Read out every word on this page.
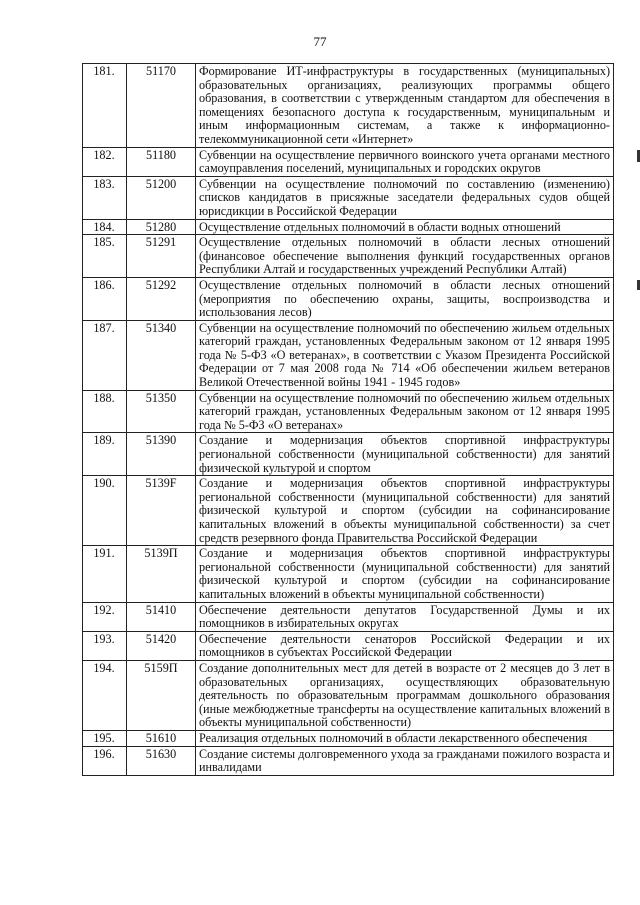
77
181.	51170	Формирование ИТ-инфраструктуры в государственных (муниципальных) образовательных организациях, реализующих программы общего образования, в соответствии с утвержденным стандартом для обеспечения в помещениях безопасного доступа к государственным, муниципальным и иным информационным системам, а также к информационно-телекоммуникационной сети «Интернет»
182.	51180	Субвенции на осуществление первичного воинского учета органами местного самоуправления поселений, муниципальных и городских округов
183.	51200	Субвенции на осуществление полномочий по составлению (изменению) списков кандидатов в присяжные заседатели федеральных судов общей юрисдикции в Российской Федерации
184.	51280	Осуществление отдельных полномочий в области водных отношений
185.	51291	Осуществление отдельных полномочий в области лесных отношений (финансовое обеспечение выполнения функций государственных органов Республики Алтай и государственных учреждений Республики Алтай)
186.	51292	Осуществление отдельных полномочий в области лесных отношений (мероприятия по обеспечению охраны, защиты, воспроизводства и использования лесов)
187.	51340	Субвенции на осуществление полномочий по обеспечению жильем отдельных категорий граждан, установленных Федеральным законом от 12 января 1995 года № 5-ФЗ «О ветеранах», в соответствии с Указом Президента Российской Федерации от 7 мая 2008 года № 714 «Об обеспечении жильем ветеранов Великой Отечественной войны 1941 - 1945 годов»
188.	51350	Субвенции на осуществление полномочий по обеспечению жильем отдельных категорий граждан, установленных Федеральным законом от 12 января 1995 года № 5-ФЗ «О ветеранах»
189.	51390	Создание и модернизация объектов спортивной инфраструктуры региональной собственности (муниципальной собственности) для занятий физической культурой и спортом
190.	5139F	Создание и модернизация объектов спортивной инфраструктуры региональной собственности (муниципальной собственности) для занятий физической культурой и спортом (субсидии на софинансирование капитальных вложений в объекты муниципальной собственности) за счет средств резервного фонда Правительства Российской Федерации
191.	5139П	Создание и модернизация объектов спортивной инфраструктуры региональной собственности (муниципальной собственности) для занятий физической культурой и спортом (субсидии на софинансирование капитальных вложений в объекты муниципальной собственности)
192.	51410	Обеспечение деятельности депутатов Государственной Думы и их помощников в избирательных округах
193.	51420	Обеспечение деятельности сенаторов Российской Федерации и их помощников в субъектах Российской Федерации
194.	5159П	Создание дополнительных мест для детей в возрасте от 2 месяцев до 3 лет в образовательных организациях, осуществляющих образовательную деятельность по образовательным программам дошкольного образования (иные межбюджетные трансферты на осуществление капитальных вложений в объекты муниципальной собственности)
195.	51610	Реализация отдельных полномочий в области лекарственного обеспечения
196.	51630	Создание системы долговременного ухода за гражданами пожилого возраста и инвалидами
